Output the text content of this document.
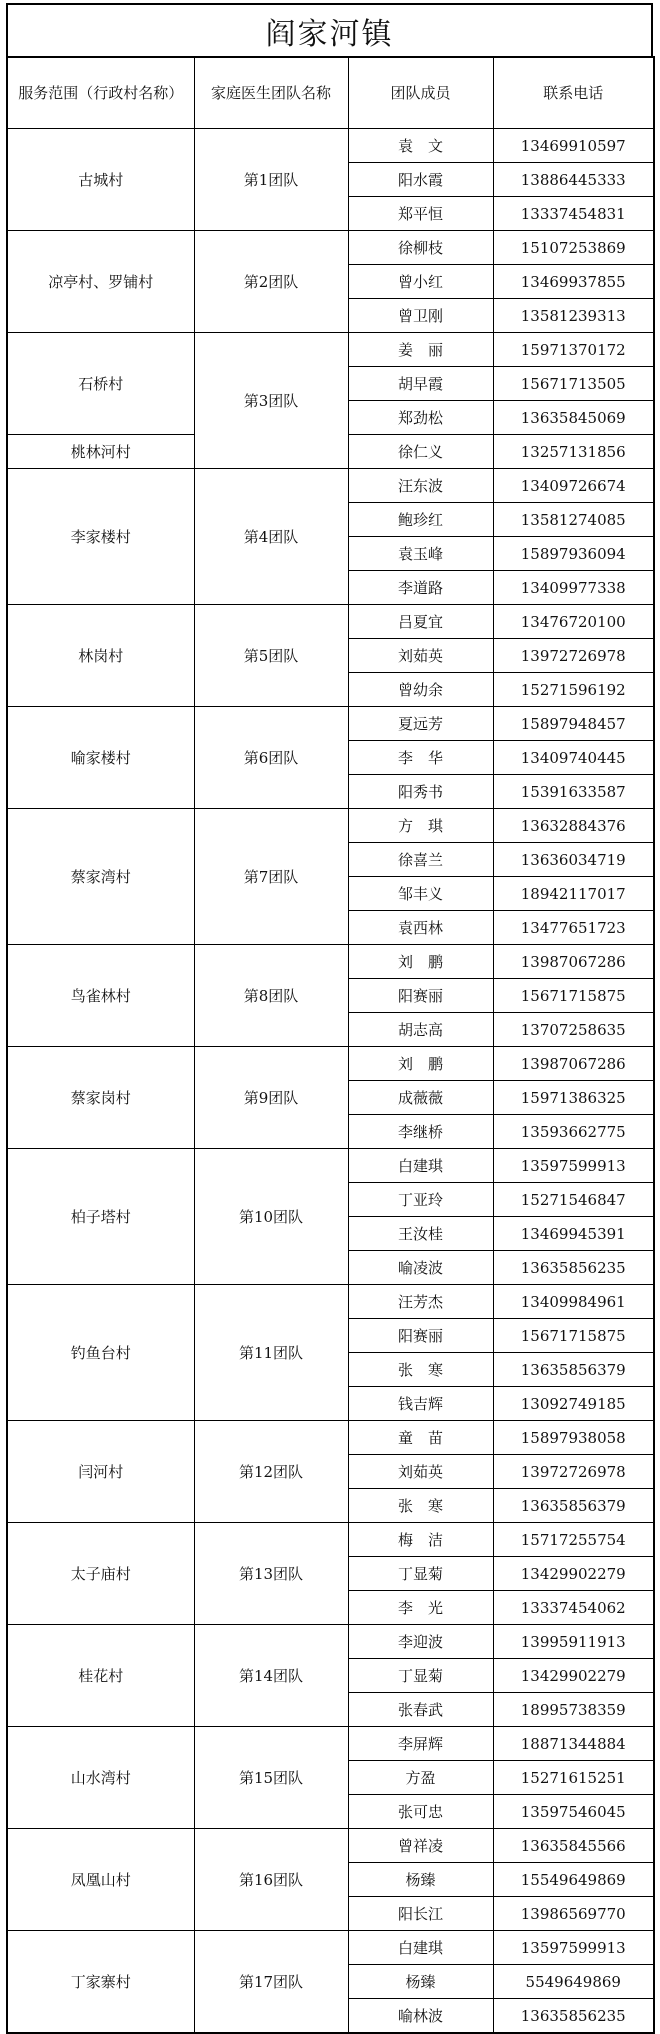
阎家河镇
服务范围（行政村名称）	家庭医生团队名称	团队成员	联系电话
古城村	第1团队	袁　文	13469910597
		阳水霞	13886445333
		郑平恒	13337454831
凉亭村、罗铺村	第2团队	徐柳枝	15107253869
		曾小红	13469937855
		曾卫刚	13581239313
石桥村	第3团队	姜　丽	15971370172
		胡早霞	15671713505
		郑劲松	13635845069
桃林河村		徐仁义	13257131856
李家楼村	第4团队	汪东波	13409726674
		鲍珍红	13581274085
		袁玉峰	15897936094
		李道路	13409977338
林岗村	第5团队	吕夏宜	13476720100
		刘茹英	13972726978
		曾幼余	15271596192
喻家楼村	第6团队	夏远芳	15897948457
		李　华	13409740445
		阳秀书	15391633587
蔡家湾村	第7团队	方　琪	13632884376
		徐喜兰	13636034719
		邹丰义	18942117017
		袁西林	13477651723
鸟雀林村	第8团队	刘　鹏	13987067286
		阳赛丽	15671715875
		胡志高	13707258635
蔡家岗村	第9团队	刘　鹏	13987067286
		成薇薇	15971386325
		李继桥	13593662775
柏子塔村	第10团队	白建琪	13597599913
		丁亚玲	15271546847
		王汝桂	13469945391
		喻凌波	13635856235
钓鱼台村	第11团队	汪芳杰	13409984961
		阳赛丽	15671715875
		张　寒	13635856379
		钱吉辉	13092749185
闫河村	第12团队	童　苗	15897938058
		刘茹英	13972726978
		张　寒	13635856379
太子庙村	第13团队	梅　洁	15717255754
		丁显菊	13429902279
		李　光	13337454062
桂花村	第14团队	李迎波	13995911913
		丁显菊	13429902279
		张春武	18995738359
山水湾村	第15团队	李屏辉	18871344884
		方盈	15271615251
		张可忠	13597546045
凤凰山村	第16团队	曾祥凌	13635845566
		杨臻	15549649869
		阳长江	13986569770
丁家寨村	第17团队	白建琪	13597599913
		杨臻	5549649869
		喻林波	13635856235
